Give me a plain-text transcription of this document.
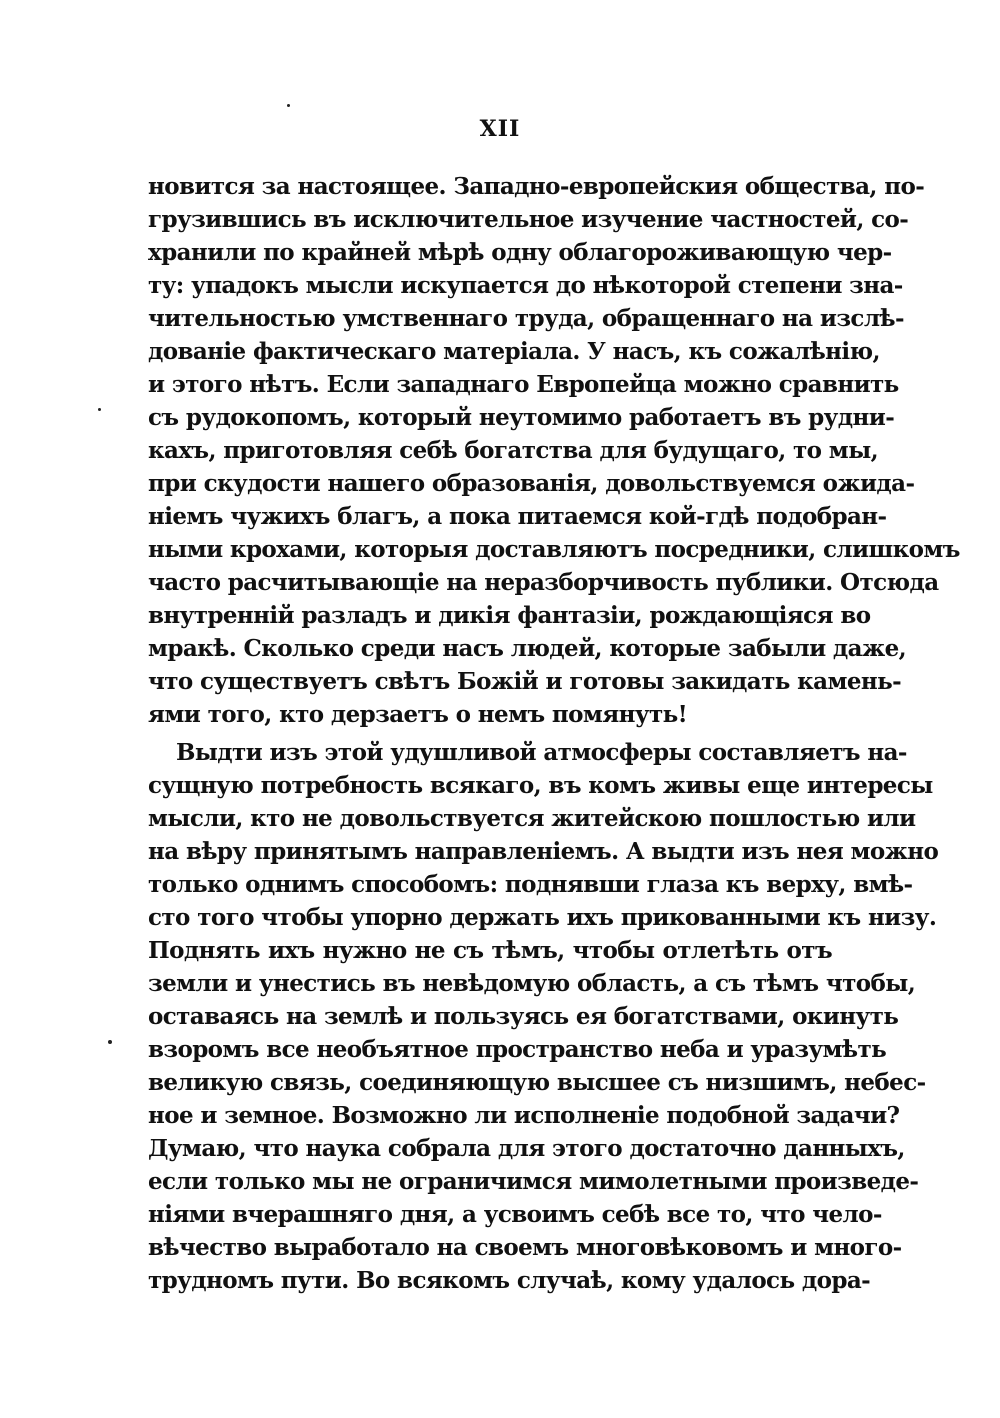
XII
новится за настоящее. Западно-европейския общества, по-
грузившись въ исключительное изучение частностей, со-
хранили по крайней мѣрѣ одну облагороживающую чер-
ту: упадокъ мысли искупается до нѣкоторой степени зна-
чительностью умственнаго труда, обращеннаго на изслѣ-
дованіе фактическаго матеріала. У насъ, къ сожалѣнію,
и этого нѣтъ. Если западнаго Европейца можно сравнить
съ рудокопомъ, который неутомимо работаетъ въ рудни-
кахъ, приготовляя себѣ богатства для будущаго, то мы,
при скудости нашего образованія, довольствуемся ожида-
ніемъ чужихъ благъ, а пока питаемся кой-гдѣ подобран-
ными крохами, которыя доставляютъ посредники, слишкомъ
часто расчитывающіе на неразборчивость публики. Отсюда
внутренній разладъ и дикія фантазіи, рождающіяся во
мракѣ. Сколько среди насъ людей, которые забыли даже,
что существуетъ свѣтъ Божій и готовы закидать камень-
ями того, кто дерзаетъ о немъ помянуть!
Выдти изъ этой удушливой атмосферы составляетъ на-
сущную потребность всякаго, въ комъ живы еще интересы
мысли, кто не довольствуется житейскою пошлостью или
на вѣру принятымъ направленіемъ. А выдти изъ нея можно
только однимъ способомъ: поднявши глаза къ верху, вмѣ-
сто того чтобы упорно держать ихъ прикованными къ низу.
Поднять ихъ нужно не съ тѣмъ, чтобы отлетѣть отъ
земли и унестись въ невѣдомую область, а съ тѣмъ чтобы,
оставаясь на землѣ и пользуясь ея богатствами, окинуть
взоромъ все необъятное пространство неба и уразумѣть
великую связь, соединяющую высшее съ низшимъ, небес-
ное и земное. Возможно ли исполненіе подобной задачи?
Думаю, что наука собрала для этого достаточно данныхъ,
если только мы не ограничимся мимолетными произведе-
ніями вчерашняго дня, а усвоимъ себѣ все то, что чело-
вѣчество выработало на своемъ многовѣковомъ и много-
трудномъ пути. Во всякомъ случаѣ, кому удалось дора-
